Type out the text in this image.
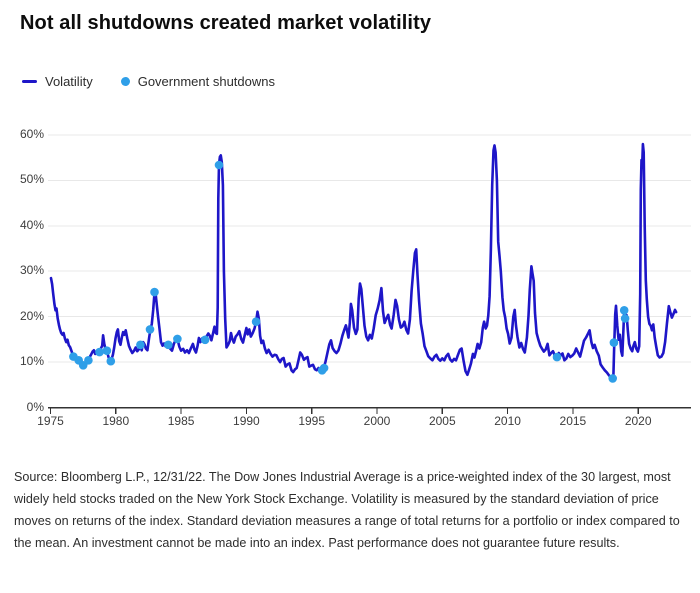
Not all shutdowns created market volatility
Volatility	Government shutdowns
0%
10%
20%
30%
40%
50%
60%
1975	1980	1985	1990	1995	2000	2005	2010	2015	2020
Source: Bloomberg L.P., 12/31/22. The Dow Jones Industrial Average is a price-weighted index of the 30 largest, most widely held stocks traded on the New York Stock Exchange. Volatility is measured by the standard deviation of price moves on returns of the index. Standard deviation measures a range of total returns for a portfolio or index compared to the mean. An investment cannot be made into an index. Past performance does not guarantee future results.
